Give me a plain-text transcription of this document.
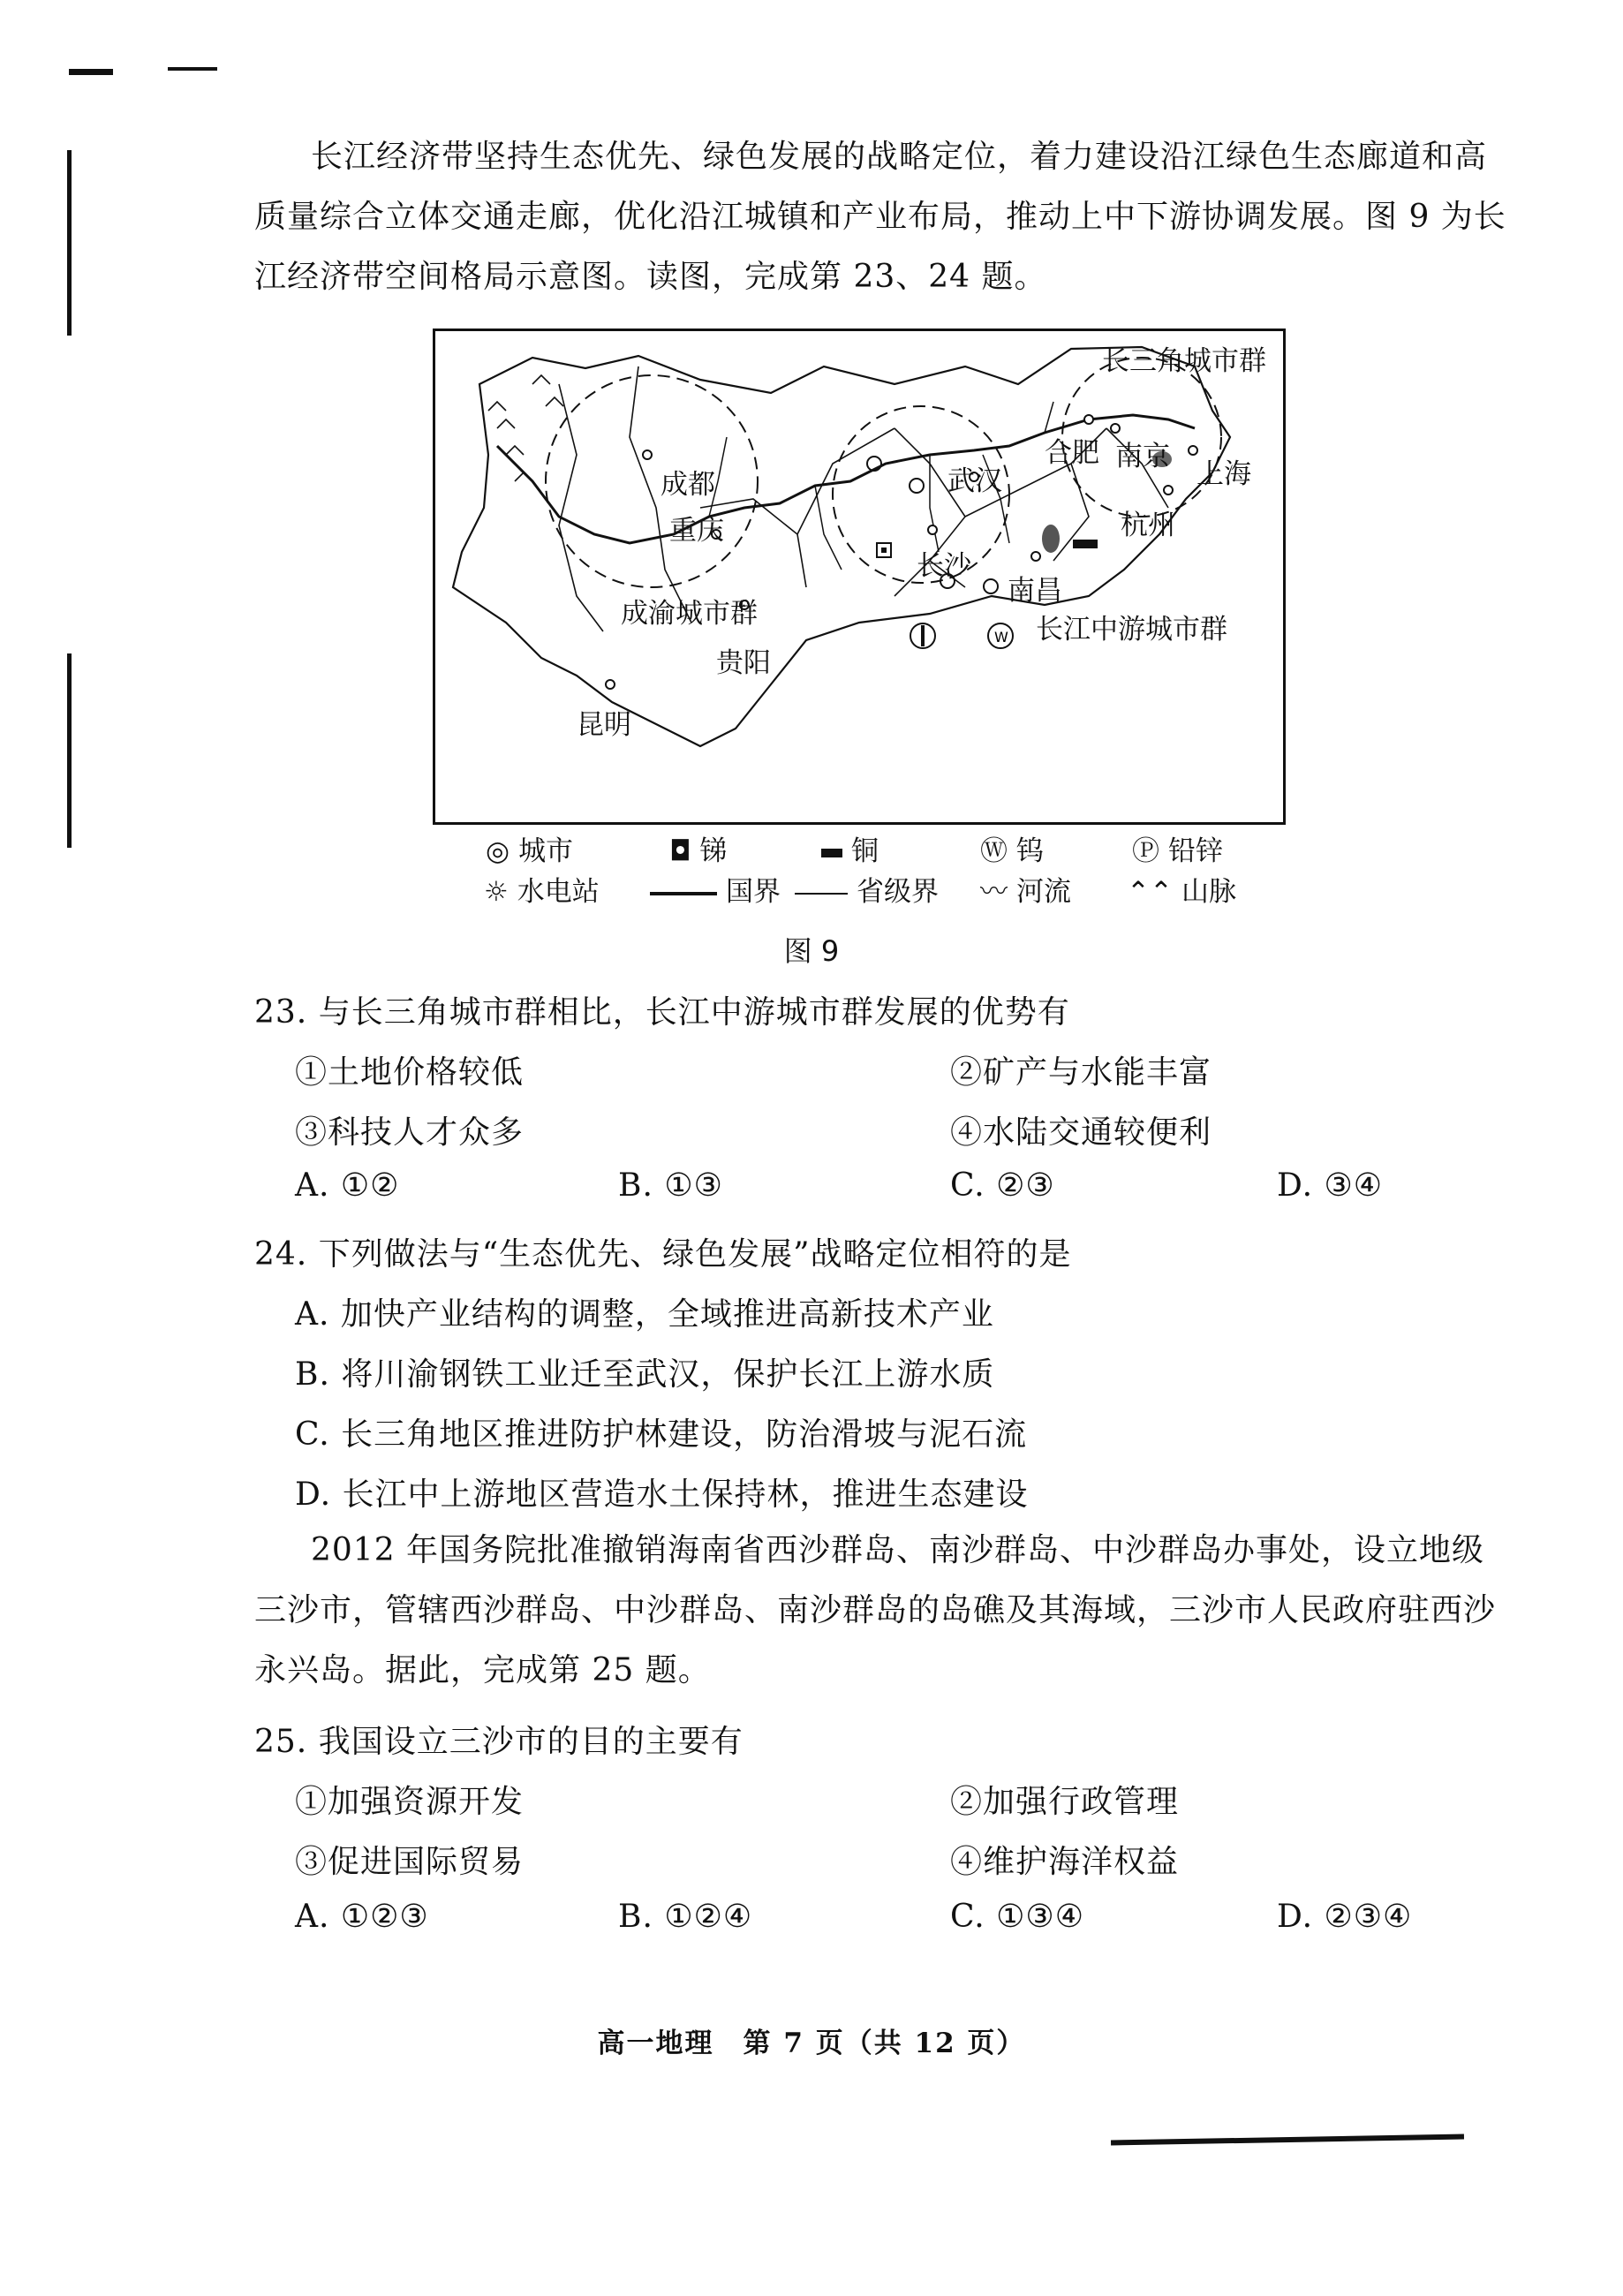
长江经济带坚持生态优先、绿色发展的战略定位，着力建设沿江绿色生态廊道和高质量综合立体交通走廊，优化沿江城镇和产业布局，推动上中下游协调发展。图 9 为长江经济带空间格局示意图。读图，完成第 23、24 题。
W
成都
重庆
成渝城市群
贵阳
昆明
武汉
长沙
南昌
长江中游城市群
合肥 南京
上海
杭州
长三角城市群
◎ 城市	◘ 锑	铜	Ⓦ 钨	Ⓟ 铅锌
☼ 水电站	国界	省级界 〰 河流 ⌃⌃ 山脉
图 9
23. 与长三角城市群相比，长江中游城市群发展的优势有
①土地价格较低	②矿产与水能丰富
③科技人才众多	④水陆交通较便利
A. ①②	B. ①③	C. ②③	D. ③④
24. 下列做法与“生态优先、绿色发展”战略定位相符的是
A. 加快产业结构的调整，全域推进高新技术产业
B. 将川渝钢铁工业迁至武汉，保护长江上游水质
C. 长三角地区推进防护林建设，防治滑坡与泥石流
D. 长江中上游地区营造水土保持林，推进生态建设
2012 年国务院批准撤销海南省西沙群岛、南沙群岛、中沙群岛办事处，设立地级三沙市，管辖西沙群岛、中沙群岛、南沙群岛的岛礁及其海域，三沙市人民政府驻西沙永兴岛。据此，完成第 25 题。
25. 我国设立三沙市的目的主要有
①加强资源开发	②加强行政管理
③促进国际贸易	④维护海洋权益
A. ①②③	B. ①②④	C. ①③④	D. ②③④
高一地理　第 7 页（共 12 页）
